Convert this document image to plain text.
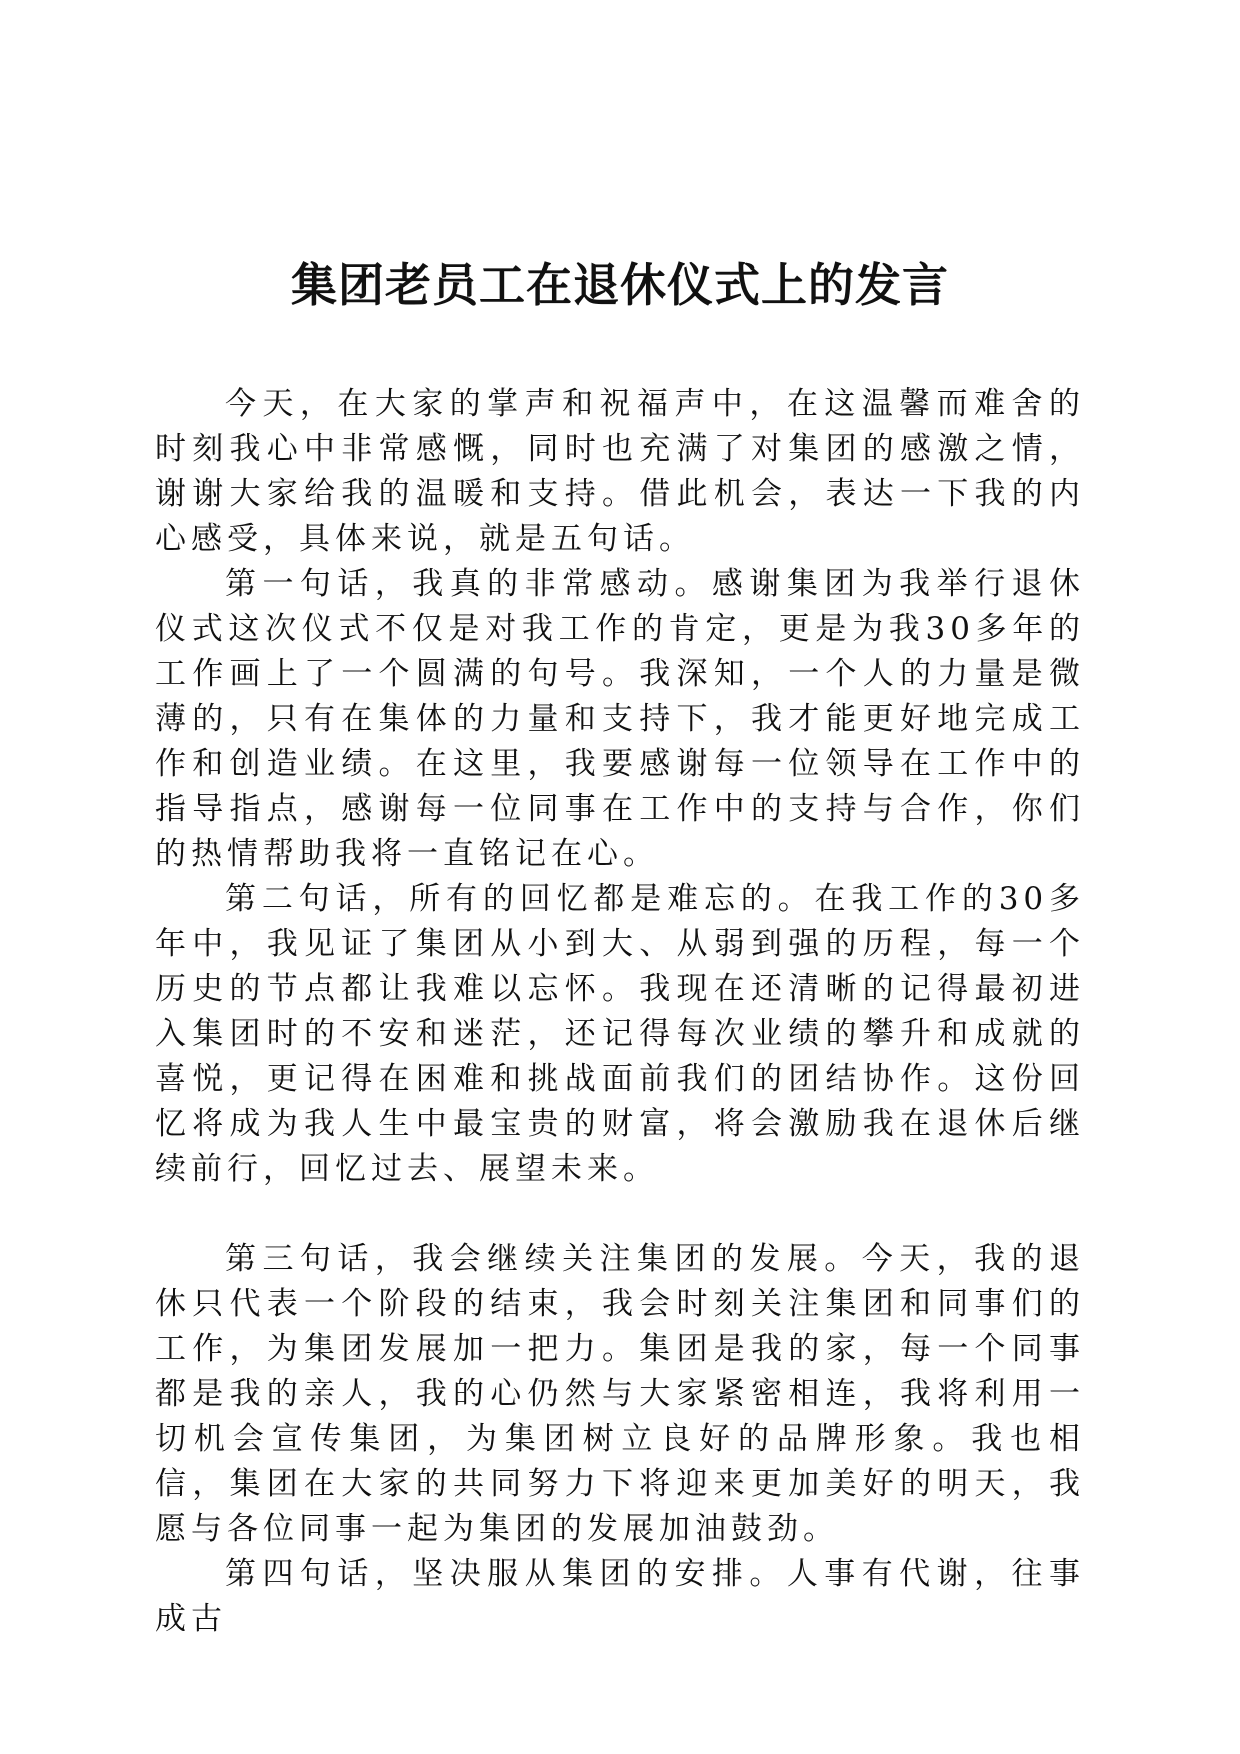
集团老员工在退休仪式上的发言

今天，在大家的掌声和祝福声中，在这温馨而难舍的时刻我心中非常感慨，同时也充满了对集团的感激之情，谢谢大家给我的温暖和支持。借此机会，表达一下我的内心感受，具体来说，就是五句话。

第一句话，我真的非常感动。感谢集团为我举行退休仪式这次仪式不仅是对我工作的肯定，更是为我30多年的工作画上了一个圆满的句号。我深知，一个人的力量是微薄的，只有在集体的力量和支持下，我才能更好地完成工作和创造业绩。在这里，我要感谢每一位领导在工作中的指导指点，感谢每一位同事在工作中的支持与合作，你们的热情帮助我将一直铭记在心。

第二句话，所有的回忆都是难忘的。在我工作的30多年中，我见证了集团从小到大、从弱到强的历程，每一个历史的节点都让我难以忘怀。我现在还清晰的记得最初进入集团时的不安和迷茫，还记得每次业绩的攀升和成就的喜悦，更记得在困难和挑战面前我们的团结协作。这份回忆将成为我人生中最宝贵的财富，将会激励我在退休后继续前行，回忆过去、展望未来。

第三句话，我会继续关注集团的发展。今天，我的退休只代表一个阶段的结束，我会时刻关注集团和同事们的工作，为集团发展加一把力。集团是我的家，每一个同事都是我的亲人，我的心仍然与大家紧密相连，我将利用一切机会宣传集团，为集团树立良好的品牌形象。我也相信，集团在大家的共同努力下将迎来更加美好的明天，我愿与各位同事一起为集团的发展加油鼓劲。

第四句话，坚决服从集团的安排。人事有代谢，往事成古
